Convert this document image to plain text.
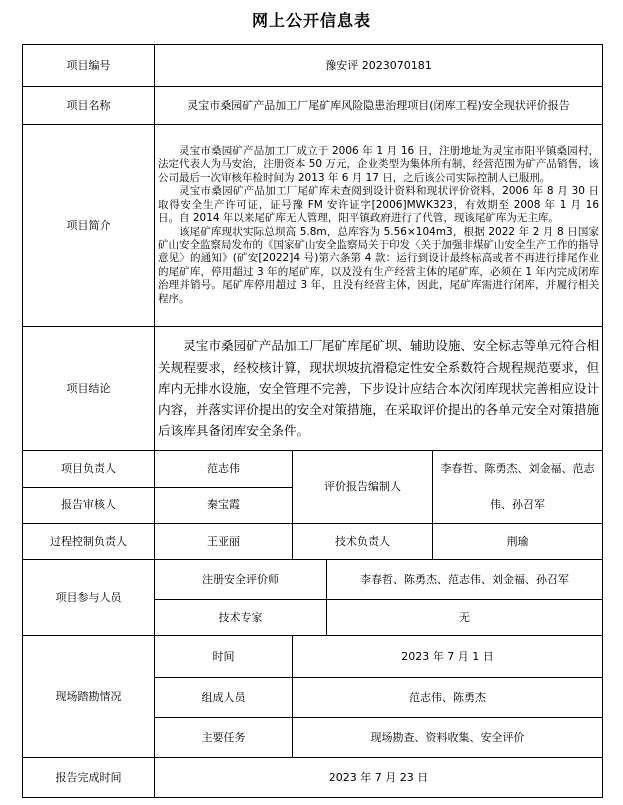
网上公开信息表
项目编号	豫安评 2023070181			
项目名称	灵宝市桑园矿产品加工厂尾矿库风险隐患治理项目(闭库工程)安全现状评价报告			
项目简介	灵宝市桑园矿产品加工厂成立于 2006 年 1 月 16 日，注册地址为灵宝市阳平镇桑园村，法定代表人为马安治，注册资本 50 万元，企业类型为集体所有制，经营范围为矿产品销售，该公司最后一次审核年检时间为 2013 年 6 月 17 日，之后该公司实际控制人已服刑。
灵宝市桑园矿产品加工厂尾矿库未查阅到设计资料和现状评价资料，2006 年 8 月 30 日取得安全生产许可证，证号豫 FM 安许证字[2006]MWK323，有效期至 2008 年 1 月 16 日。自 2014 年以来尾矿库无人管理，阳平镇政府进行了代管，现该尾矿库为无主库。
该尾矿库现状实际总坝高 5.8m，总库容为 5.56×104m3，根据 2022 年 2 月 8 日国家矿山安全监察局发布的《国家矿山安全监察局关于印发〈关于加强非煤矿山安全生产工作的指导意见〉的通知》(矿安[2022]4 号)第六条第 4 款：运行到设计最终标高或者不再进行排尾作业的尾矿库，停用超过 3 年的尾矿库，以及没有生产经营主体的尾矿库，必须在 1 年内完成闭库治理并销号。尾矿库停用超过 3 年，且没有经营主体，因此，尾矿库需进行闭库，并履行相关程序。			

项目结论	灵宝市桑园矿产品加工厂尾矿库尾矿坝、辅助设施、安全标志等单元符合相关规程要求，经校核计算，现状坝坡抗滑稳定性安全系数符合规程规范要求，但库内无排水设施，安全管理不完善，下步设计应结合本次闭库现状完善相应设计内容，并落实评价提出的安全对策措施，在采取评价提出的各单元安全对策措施后该库具备闭库安全条件。			

项目负责人	范志伟	评价报告编制人		李春哲、陈勇杰、刘金福、范志伟、孙召军

报告审核人	秦宝霞			
过程控制负责人	王亚丽	技术负责人		荆瑜
项目参与人员	注册安全评价师		李春哲、陈勇杰、范志伟、刘金福、孙召军	
	技术专家		无	
现场踏勘情况	时间	2023 年 7 月 1 日		
	组成人员	范志伟、陈勇杰		
	主要任务	现场勘查、资料收集、安全评价		
报告完成时间	2023 年 7 月 23 日			
